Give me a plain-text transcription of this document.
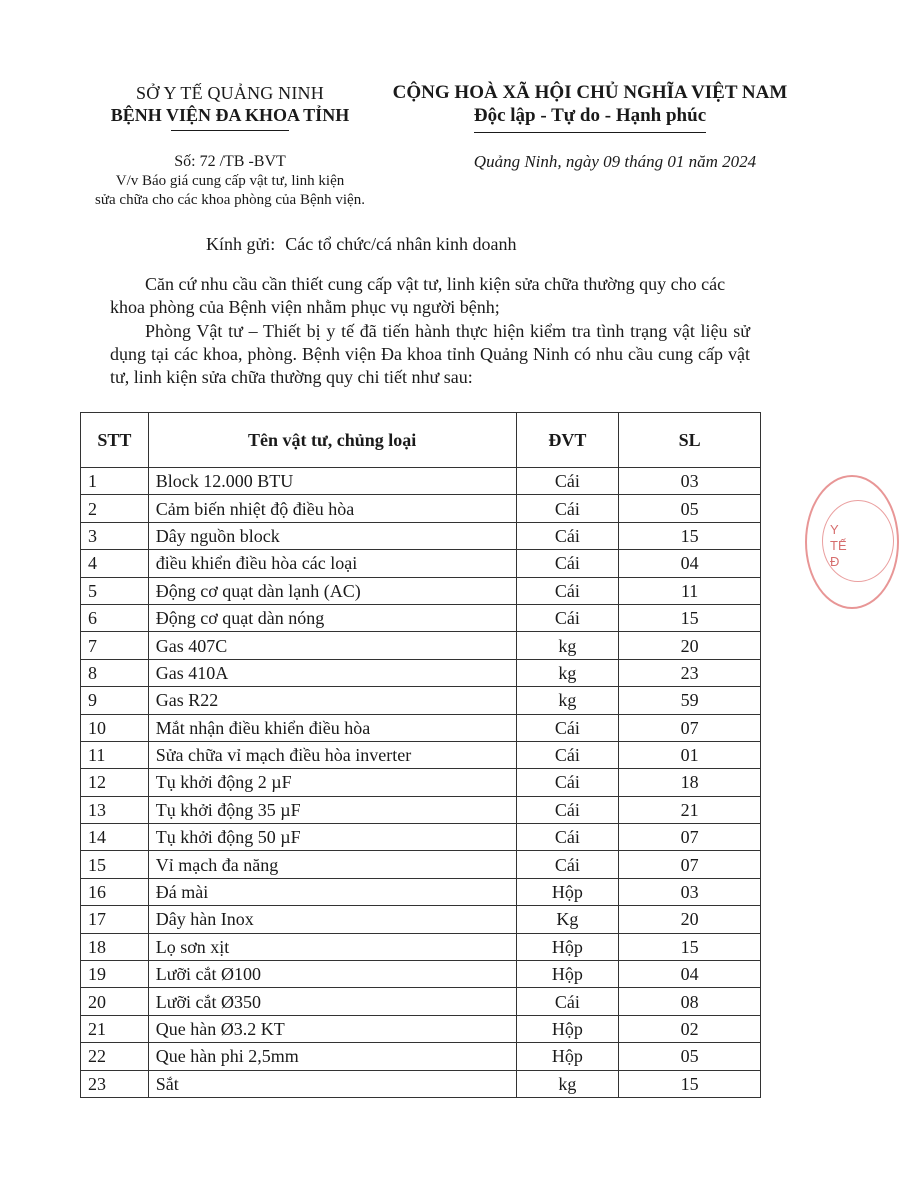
SỞ Y TẾ QUẢNG NINH
BỆNH VIỆN ĐA KHOA TỈNH
CỘNG HOÀ XÃ HỘI CHỦ NGHĨA VIỆT NAM
Độc lập - Tự do - Hạnh phúc
Số: 72 /TB -BVT
V/v Báo giá cung cấp vật tư, linh kiện
sửa chữa cho các khoa phòng của Bệnh viện.
Quảng Ninh, ngày 09 tháng 01 năm 2024
Kính gửi: Các tổ chức/cá nhân kinh doanh
Căn cứ nhu cầu cần thiết cung cấp vật tư, linh kiện sửa chữa thường quy cho các khoa phòng của Bệnh viện nhằm phục vụ người bệnh;
Phòng Vật tư – Thiết bị y tế đã tiến hành thực hiện kiểm tra tình trạng vật liệu sử dụng tại các khoa, phòng. Bệnh viện Đa khoa tỉnh Quảng Ninh có nhu cầu cung cấp vật tư, linh kiện sửa chữa thường quy chi tiết như sau:
STT	Tên vật tư, chủng loại	ĐVT	SL
1	Block 12.000 BTU	Cái	03
2	Cảm biến nhiệt độ điều hòa	Cái	05
3	Dây nguồn block	Cái	15
4	điều khiển điều hòa các loại	Cái	04
5	Động cơ quạt dàn lạnh (AC)	Cái	11
6	Động cơ quạt dàn nóng	Cái	15
7	Gas 407C	kg	20
8	Gas 410A	kg	23
9	Gas R22	kg	59
10	Mắt nhận điều khiển điều hòa	Cái	07
11	Sửa chữa vỉ mạch điều hòa inverter	Cái	01
12	Tụ khởi động 2 µF	Cái	18
13	Tụ khởi động 35 µF	Cái	21
14	Tụ khởi động 50 µF	Cái	07
15	Vỉ mạch đa năng	Cái	07
16	Đá mài	Hộp	03
17	Dây hàn Inox	Kg	20
18	Lọ sơn xịt	Hộp	15
19	Lưỡi cắt Ø100	Hộp	04
20	Lưỡi cắt Ø350	Cái	08
21	Que hàn Ø3.2 KT	Hộp	02
22	Que hàn phi 2,5mm	Hộp	05
23	Sắt	kg	15
Y
TẾ
Đ
